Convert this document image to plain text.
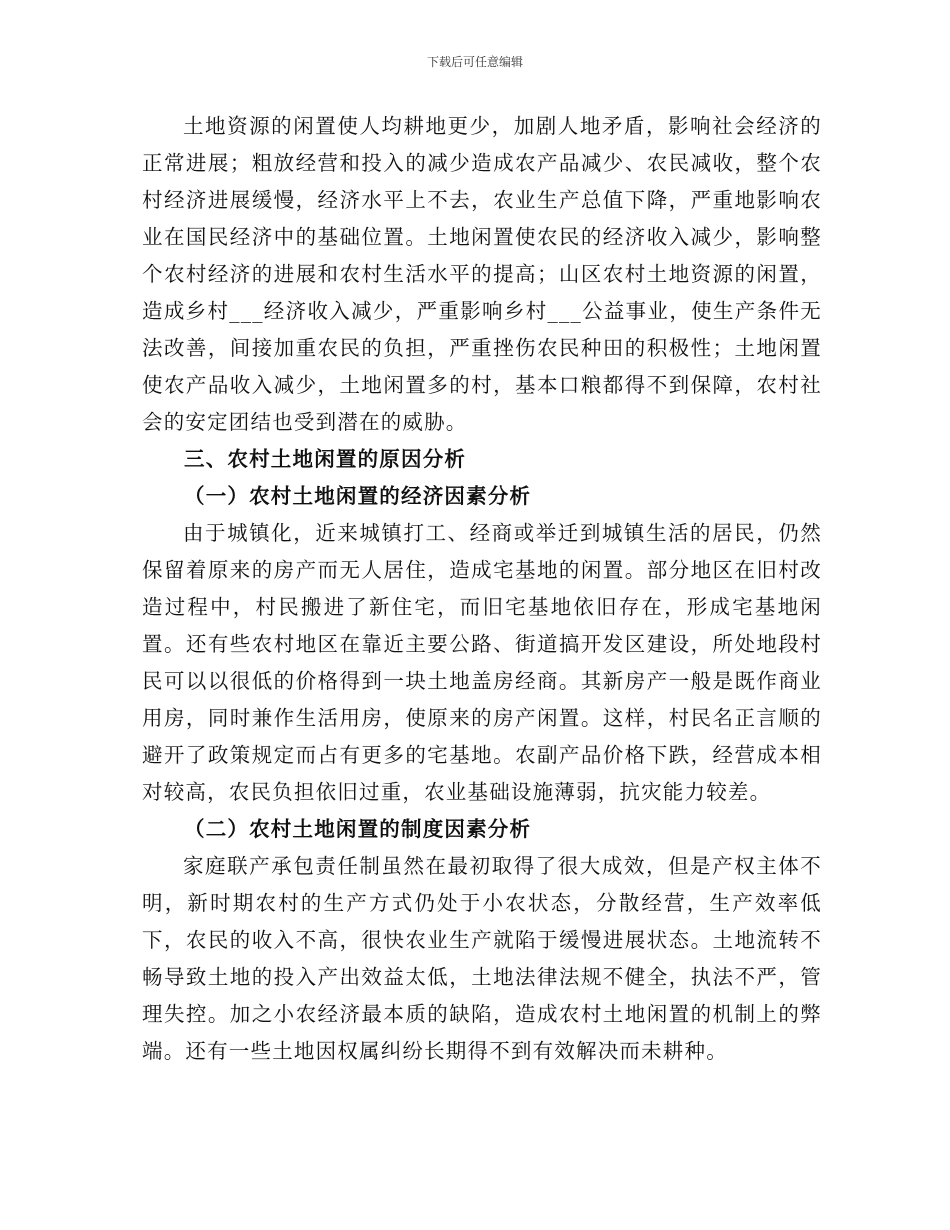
下载后可任意编辑

土地资源的闲置使人均耕地更少，加剧人地矛盾，影响社会经济的正常进展；粗放经营和投入的减少造成农产品减少、农民减收，整个农村经济进展缓慢，经济水平上不去，农业生产总值下降，严重地影响农业在国民经济中的基础位置。土地闲置使农民的经济收入减少，影响整个农村经济的进展和农村生活水平的提高；山区农村土地资源的闲置，造成乡村___经济收入减少，严重影响乡村___公益事业，使生产条件无法改善，间接加重农民的负担，严重挫伤农民种田的积极性；土地闲置使农产品收入减少，土地闲置多的村，基本口粮都得不到保障，农村社会的安定团结也受到潜在的威胁。

三、农村土地闲置的原因分析

（一）农村土地闲置的经济因素分析

由于城镇化，近来城镇打工、经商或举迁到城镇生活的居民，仍然保留着原来的房产而无人居住，造成宅基地的闲置。部分地区在旧村改造过程中，村民搬进了新住宅，而旧宅基地依旧存在，形成宅基地闲置。还有些农村地区在靠近主要公路、街道搞开发区建设，所处地段村民可以以很低的价格得到一块土地盖房经商。其新房产一般是既作商业用房，同时兼作生活用房，使原来的房产闲置。这样，村民名正言顺的避开了政策规定而占有更多的宅基地。农副产品价格下跌，经营成本相对较高，农民负担依旧过重，农业基础设施薄弱，抗灾能力较差。

（二）农村土地闲置的制度因素分析

家庭联产承包责任制虽然在最初取得了很大成效，但是产权主体不明，新时期农村的生产方式仍处于小农状态，分散经营，生产效率低下，农民的收入不高，很快农业生产就陷于缓慢进展状态。土地流转不畅导致土地的投入产出效益太低，土地法律法规不健全，执法不严，管理失控。加之小农经济最本质的缺陷，造成农村土地闲置的机制上的弊端。还有一些土地因权属纠纷长期得不到有效解决而未耕种。
